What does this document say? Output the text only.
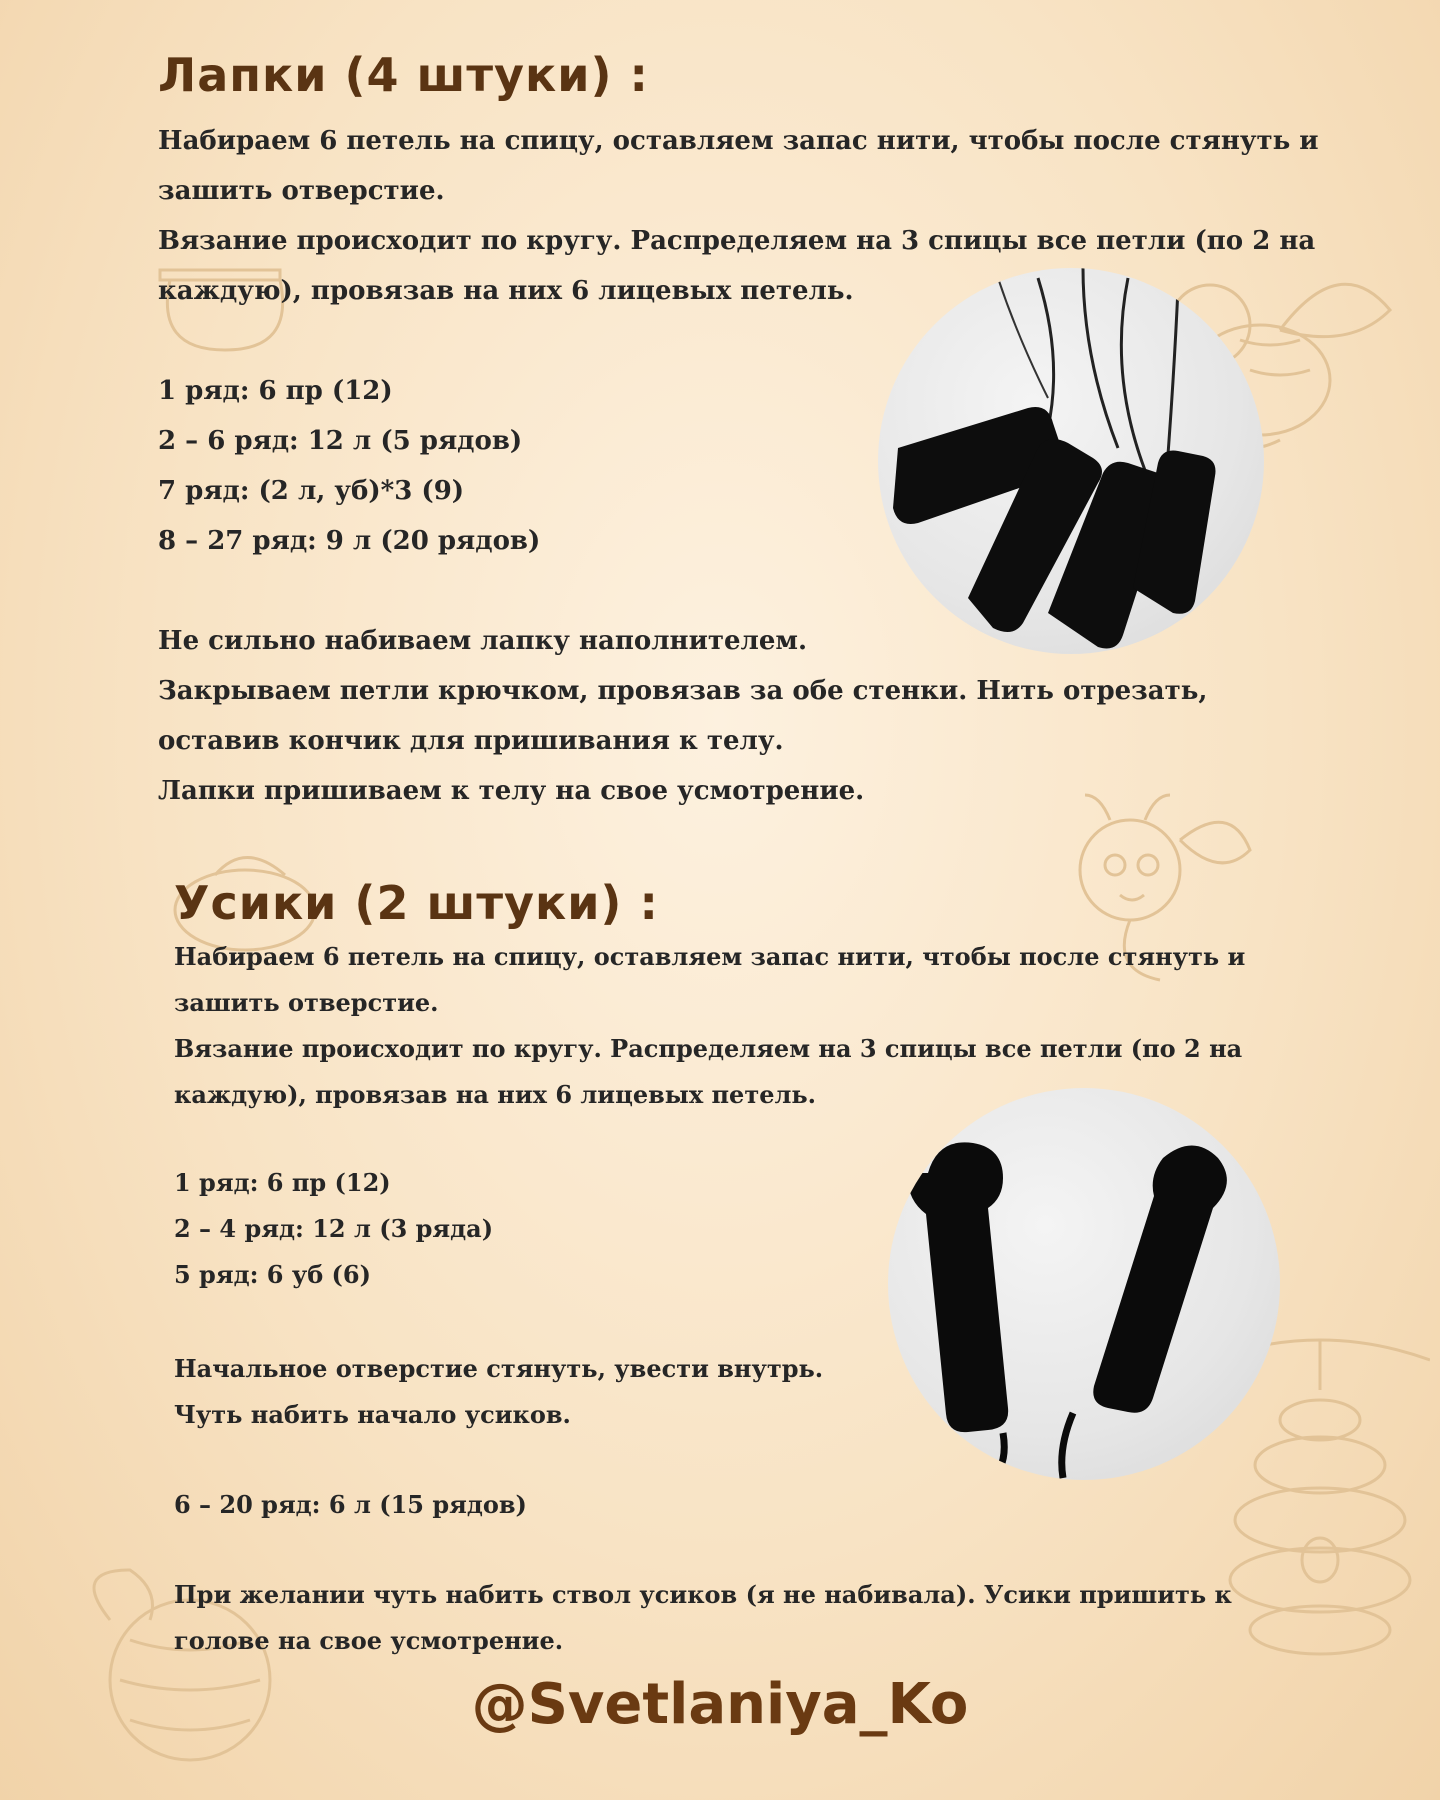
Лапки (4 штуки) :
Набираем 6 петель на спицу, оставляем запас нити, чтобы после стянуть и
зашить отверстие.
Вязание происходит по кругу. Распределяем на 3 спицы все петли (по 2 на
каждую), провязав на них 6 лицевых петель.
1 ряд: 6 пр (12)
2 – 6 ряд: 12 л (5 рядов)
7 ряд: (2 л, уб)*3 (9)
8 – 27 ряд: 9 л (20 рядов)
Не сильно набиваем лапку наполнителем.
Закрываем петли крючком, провязав за обе стенки. Нить отрезать,
оставив кончик для пришивания к телу.
Лапки пришиваем к телу на свое усмотрение.
Усики (2 штуки) :
Набираем 6 петель на спицу, оставляем запас нити, чтобы после стянуть и
зашить отверстие.
Вязание происходит по кругу. Распределяем на 3 спицы все петли (по 2 на
каждую), провязав на них 6 лицевых петель.
1 ряд: 6 пр (12)
2 – 4 ряд: 12 л (3 ряда)
5 ряд: 6 уб (6)
Начальное отверстие стянуть, увести внутрь.
Чуть набить начало усиков.
6 – 20 ряд: 6 л (15 рядов)
При желании чуть набить ствол усиков (я не набивала). Усики пришить к
голове на свое усмотрение.
@Svetlaniya_Ko
